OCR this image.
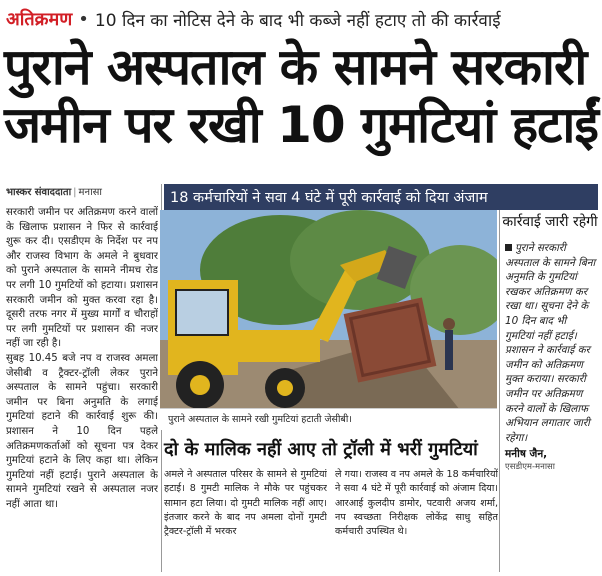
अतिक्रमण • 10 दिन का नोटिस देने के बाद भी कब्जे नहीं हटाए तो की कार्रवाई
पुराने अस्पताल के सामने सरकारी जमीन पर रखी 10 गुमटियां हटाईं
भास्कर संवाददाता | मनासा

सरकारी जमीन पर अतिक्रमण करने वालों के खिलाफ प्रशासन ने फिर से कार्रवाई शुरू कर दी। एसडीएम के निर्देश पर नप और राजस्व विभाग के अमले ने बुधवार को पुराने अस्पताल के सामने नीमच रोड पर लगी 10 गुमटियों को हटाया। प्रशासन सरकारी जमीन को मुक्त करवा रहा है। दूसरी तरफ नगर में मुख्य मार्गों व चौराहों पर लगी गुमटियों पर प्रशासन की नजर नहीं जा रही है।

सुबह 10.45 बजे नप व राजस्व अमला जेसीबी व ट्रैक्टर-ट्रॉली लेकर पुराने अस्पताल के सामने पहुंचा। सरकारी जमीन पर बिना अनुमति के लगाई गुमटियां हटाने की कार्रवाई शुरू की। प्रशासन ने 10 दिन पहले अतिक्रमणकर्ताओं को सूचना पत्र देकर गुमटियां हटाने के लिए कहा था। लेकिन गुमटियां नहीं हटाई। पुराने अस्पताल के सामने गुमटियां रखने से अस्पताल नजर नहीं आता था।

18 कर्मचारियों ने सवा 4 घंटे में पूरी कार्रवाई को दिया अंजाम
पुराने अस्पताल के सामने रखी गुमटियां हटाती जेसीबी।
कार्रवाई जारी रहेगी
पुराने सरकारी अस्पताल के सामने बिना अनुमति के गुमटियां रखकर अतिक्रमण कर रखा था। सूचना देने के 10 दिन बाद भी गुमटियां नहीं हटाई। प्रशासन ने कार्रवाई कर जमीन को अतिक्रमण मुक्त कराया। सरकारी जमीन पर अतिक्रमण करने वालों के खिलाफ अभियान लगातार जारी रहेगा।
मनीष जैन,
एसडीएम-मनासा
दो के मालिक नहीं आए तो ट्रॉली में भरीं गुमटियां
अमले ने अस्पताल परिसर के सामने से गुमटियां हटाई। 8 गुमटी मालिक ने मौके पर पहुंचकर सामान हटा लिया। दो गुमटी मालिक नहीं आए। इंतजार करने के बाद नप अमला दोनों गुमटी ट्रैक्टर-ट्रॉली में भरकर
ले गया। राजस्व व नप अमले के 18 कर्मचारियों ने सवा 4 घंटे में पूरी कार्रवाई को अंजाम दिया। आरआई कुलदीप डामोर, पटवारी अजय शर्मा, नप स्वच्छता निरीक्षक लोकेंद्र साधु सहित कर्मचारी उपस्थित थे।
